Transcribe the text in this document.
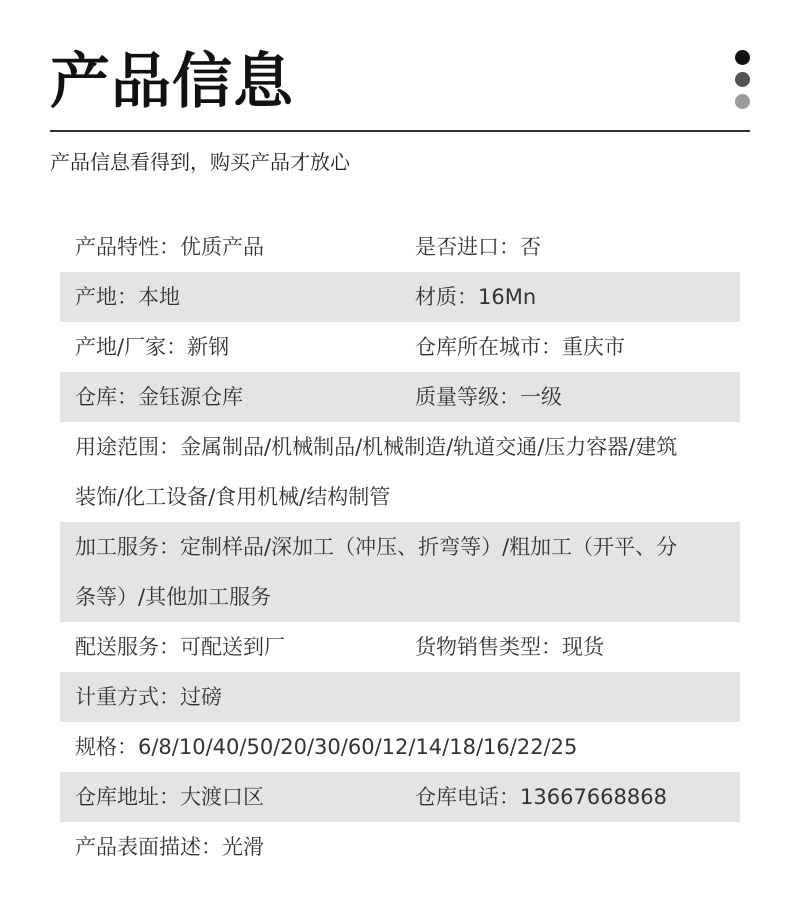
产品信息
产品信息看得到，购买产品才放心
产品特性：优质产品	是否进口：否
产地：本地	材质：16Mn
产地/厂家：新钢	仓库所在城市：重庆市
仓库：金钰源仓库	质量等级：一级
用途范围：金属制品/机械制品/机械制造/轨道交通/压力容器/建筑装饰/化工设备/食用机械/结构制管
加工服务：定制样品/深加工（冲压、折弯等）/粗加工（开平、分条等）/其他加工服务
配送服务：可配送到厂	货物销售类型：现货
计重方式：过磅
规格：6/8/10/40/50/20/30/60/12/14/18/16/22/25
仓库地址：大渡口区	仓库电话：13667668868
产品表面描述：光滑
